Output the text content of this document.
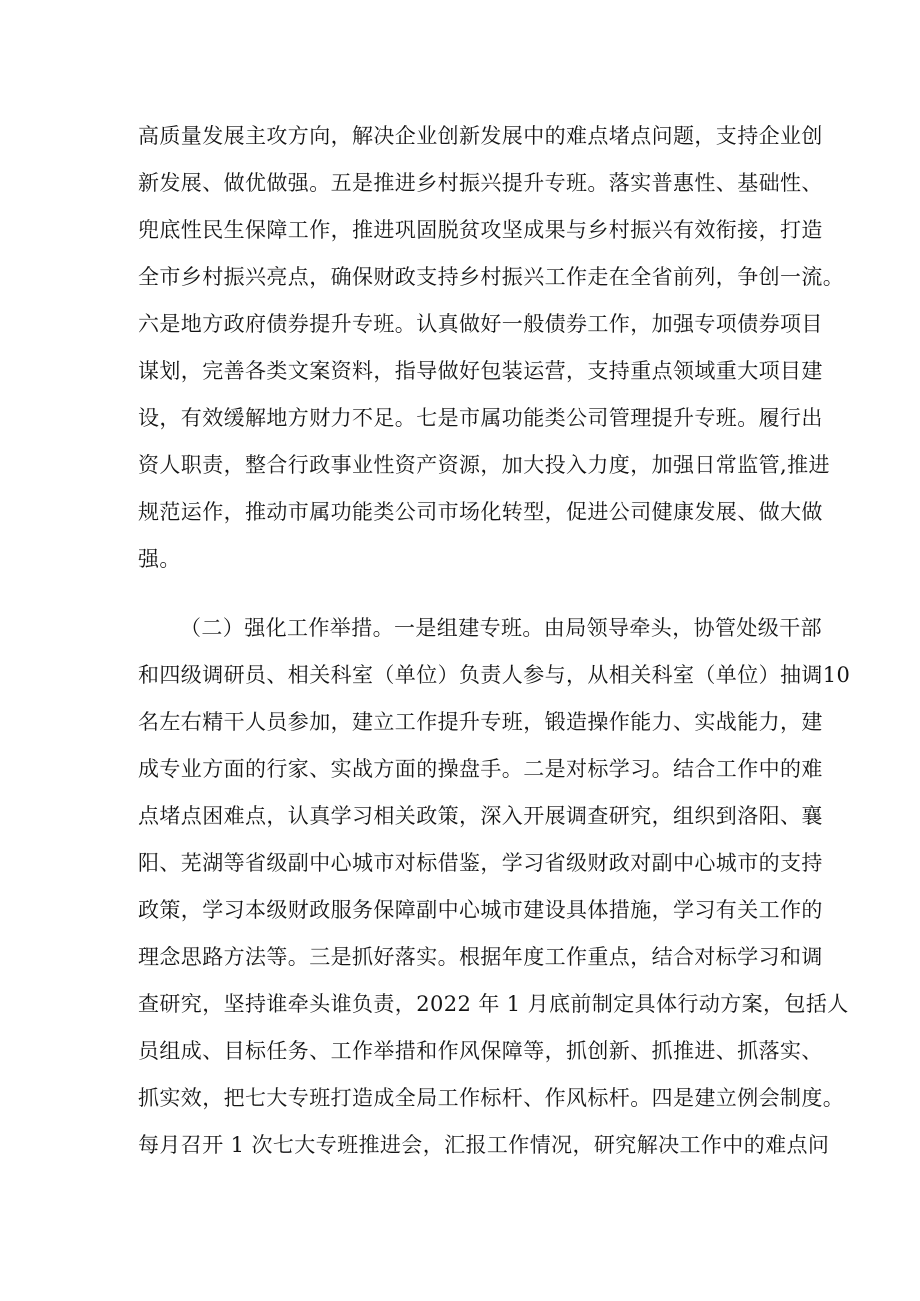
高质量发展主攻方向，解决企业创新发展中的难点堵点问题，支持企业创
新发展、做优做强。五是推进乡村振兴提升专班。落实普惠性、基础性、
兜底性民生保障工作，推进巩固脱贫攻坚成果与乡村振兴有效衔接，打造
全市乡村振兴亮点，确保财政支持乡村振兴工作走在全省前列，争创一流。
六是地方政府债券提升专班。认真做好一般债券工作，加强专项债券项目
谋划，完善各类文案资料，指导做好包装运营，支持重点领域重大项目建
设，有效缓解地方财力不足。七是市属功能类公司管理提升专班。履行出
资人职责，整合行政事业性资产资源，加大投入力度，加强日常监管,推进
规范运作，推动市属功能类公司市场化转型，促进公司健康发展、做大做
强。
（二）强化工作举措。一是组建专班。由局领导牵头，协管处级干部
和四级调研员、相关科室（单位）负责人参与，从相关科室（单位）抽调10
名左右精干人员参加，建立工作提升专班，锻造操作能力、实战能力，建
成专业方面的行家、实战方面的操盘手。二是对标学习。结合工作中的难
点堵点困难点，认真学习相关政策，深入开展调查研究，组织到洛阳、襄
阳、芜湖等省级副中心城市对标借鉴，学习省级财政对副中心城市的支持
政策，学习本级财政服务保障副中心城市建设具体措施，学习有关工作的
理念思路方法等。三是抓好落实。根据年度工作重点，结合对标学习和调
查研究，坚持谁牵头谁负责，2022 年 1 月底前制定具体行动方案，包括人
员组成、目标任务、工作举措和作风保障等，抓创新、抓推进、抓落实、
抓实效，把七大专班打造成全局工作标杆、作风标杆。四是建立例会制度。
每月召开 1 次七大专班推进会，汇报工作情况，研究解决工作中的难点问
